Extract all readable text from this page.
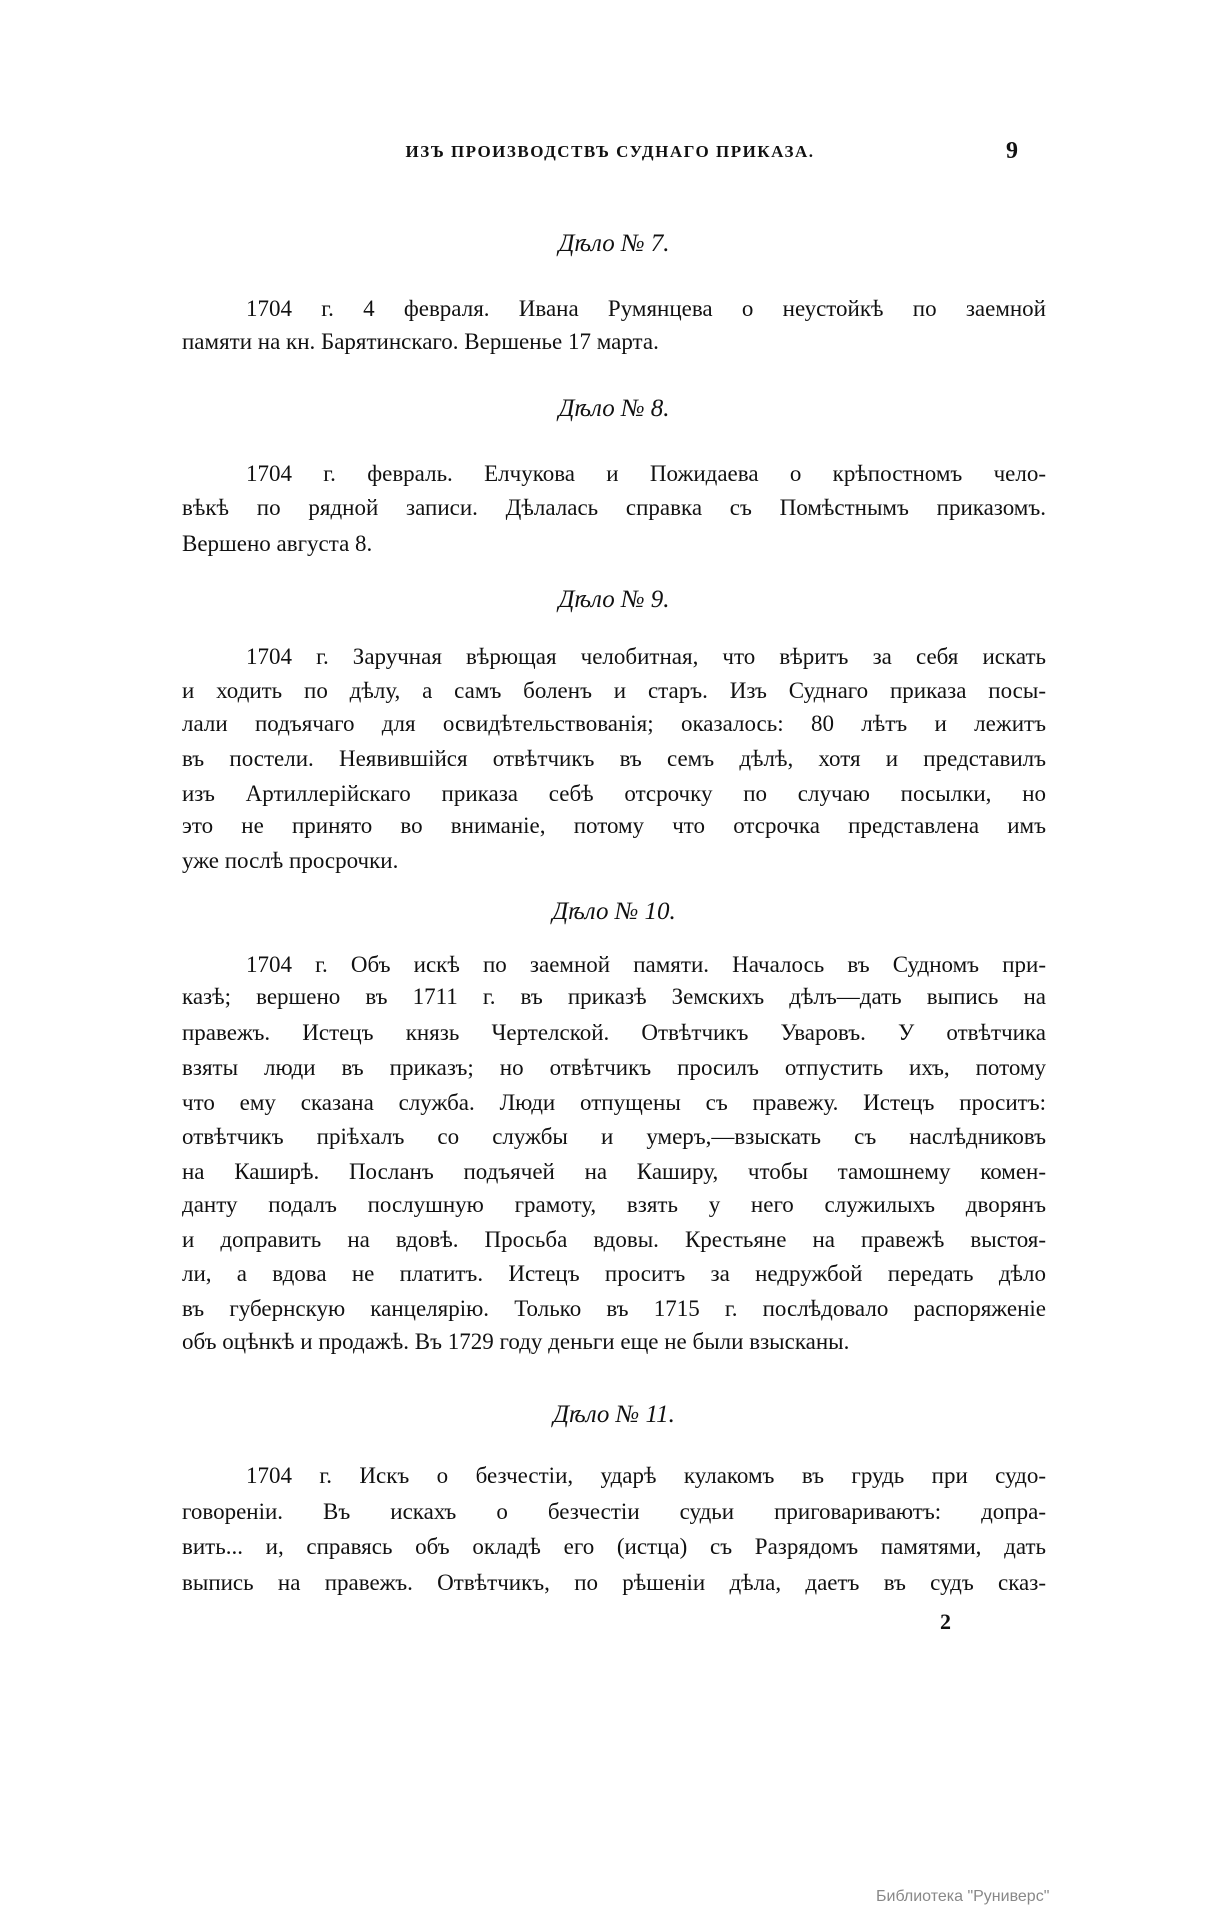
ИЗЪ ПРОИЗВОДСТВЪ СУДНАГО ПРИКАЗА.	9
Дѣло № 7.
1704 г. 4 февраля. Ивана Румянцева о неустойкѣ по заемной
памяти на кн. Барятинскаго. Вершенье 17 марта.
Дѣло № 8.
1704 г. февраль. Елчукова и Пожидаева о крѣпостномъ чело-
вѣкѣ по рядной записи. Дѣлалась справка съ Помѣстнымъ приказомъ.
Вершено августа 8.
Дѣло № 9.
1704 г. Заручная вѣрющая челобитная, что вѣритъ за себя искать
и ходить по дѣлу, а самъ боленъ и старъ. Изъ Суднаго приказа посы-
лали подъячаго для освидѣтельствованія; оказалось: 80 лѣтъ и лежитъ
въ постели. Неявившійся отвѣтчикъ въ семъ дѣлѣ, хотя и представилъ
изъ Артиллерійскаго приказа себѣ отсрочку по случаю посылки, но
это не принято во вниманіе, потому что отсрочка представлена имъ
уже послѣ просрочки.
Дѣло № 10.
1704 г. Объ искѣ по заемной памяти. Началось въ Судномъ при-
казѣ; вершено въ 1711 г. въ приказѣ Земскихъ дѣлъ—дать выпись на
правежъ. Истецъ князь Чертелской. Отвѣтчикъ Уваровъ. У отвѣтчика
взяты люди въ приказъ; но отвѣтчикъ просилъ отпустить ихъ, потому
что ему сказана служба. Люди отпущены съ правежу. Истецъ проситъ:
отвѣтчикъ пріѣхалъ со службы и умеръ,—взыскать съ наслѣдниковъ
на Каширѣ. Посланъ подъячей на Каширу, чтобы тамошнему комен-
данту подалъ послушную грамоту, взять у него служилыхъ дворянъ
и доправить на вдовѣ. Просьба вдовы. Крестьяне на правежѣ выстоя-
ли, а вдова не платитъ. Истецъ проситъ за недружбой передать дѣло
въ губернскую канцелярію. Только въ 1715 г. послѣдовало распоряженіе
объ оцѣнкѣ и продажѣ. Въ 1729 году деньги еще не были взысканы.
Дѣло № 11.
1704 г. Искъ о безчестіи, ударѣ кулакомъ въ грудь при судо-
говореніи. Въ искахъ о безчестіи судьи приговариваютъ: допра-
вить... и, справясь объ окладѣ его (истца) съ Разрядомъ памятями, дать
выпись на правежъ. Отвѣтчикъ, по рѣшеніи дѣла, даетъ въ судъ сказ-
2
Библиотека "Руниверс"
